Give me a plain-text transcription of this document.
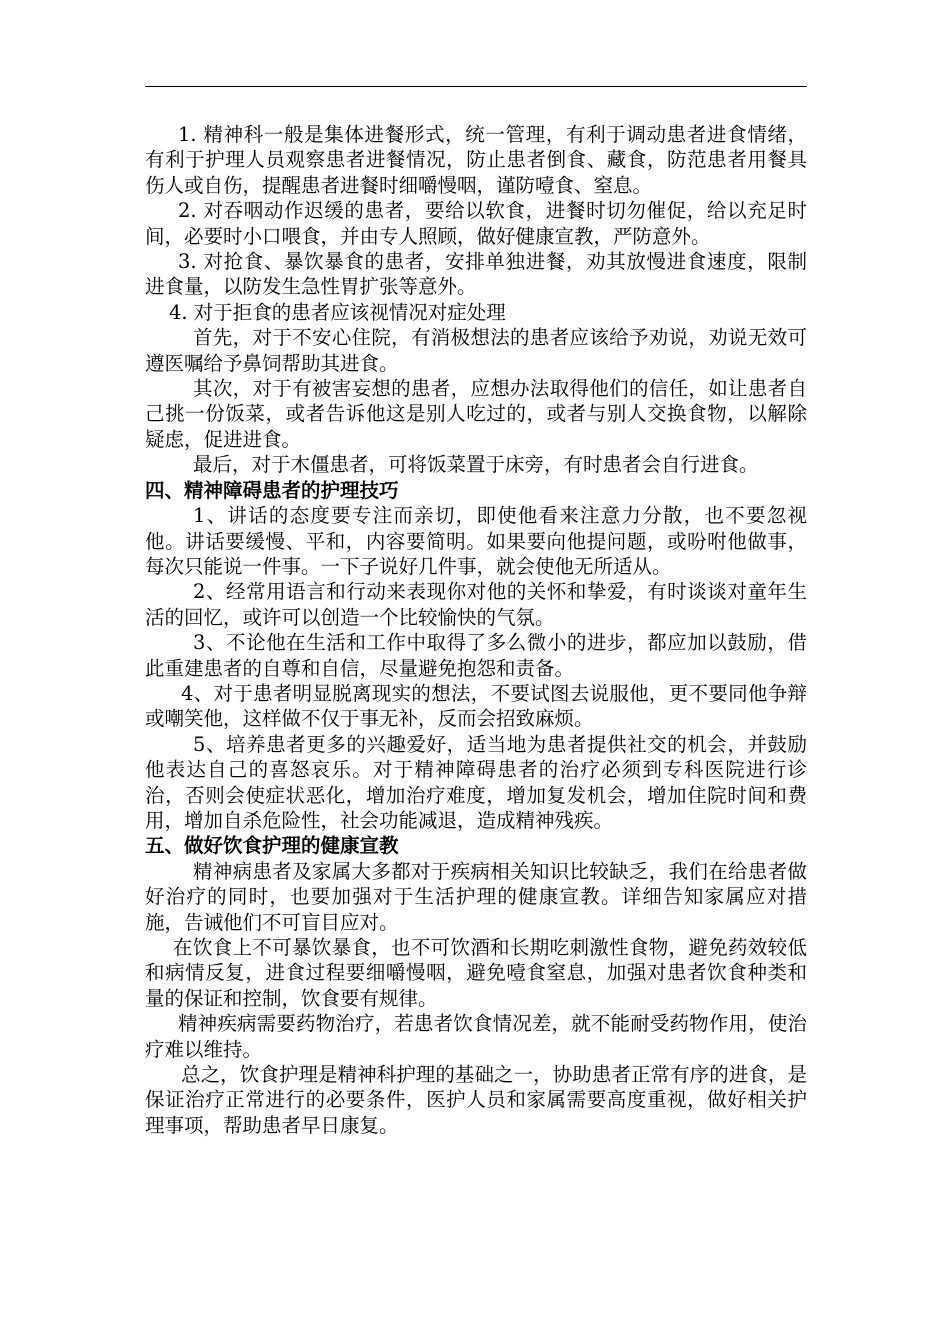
1. 精神科一般是集体进餐形式，统一管理，有利于调动患者进食情绪，有利于护理人员观察患者进餐情况，防止患者倒食、藏食，防范患者用餐具伤人或自伤，提醒患者进餐时细嚼慢咽，谨防噎食、窒息。

2. 对吞咽动作迟缓的患者，要给以软食，进餐时切勿催促，给以充足时间，必要时小口喂食，并由专人照顾，做好健康宣教，严防意外。

3. 对抢食、暴饮暴食的患者，安排单独进餐，劝其放慢进食速度，限制进食量，以防发生急性胃扩张等意外。

4. 对于拒食的患者应该视情况对症处理

首先，对于不安心住院，有消极想法的患者应该给予劝说，劝说无效可遵医嘱给予鼻饲帮助其进食。

其次，对于有被害妄想的患者，应想办法取得他们的信任，如让患者自己挑一份饭菜，或者告诉他这是别人吃过的，或者与别人交换食物，以解除疑虑，促进进食。

最后，对于木僵患者，可将饭菜置于床旁，有时患者会自行进食。

四、精神障碍患者的护理技巧

1、讲话的态度要专注而亲切，即使他看来注意力分散，也不要忽视他。讲话要缓慢、平和，内容要简明。如果要向他提问题，或吩咐他做事，每次只能说一件事。一下子说好几件事，就会使他无所适从。

2、经常用语言和行动来表现你对他的关怀和挚爱，有时谈谈对童年生活的回忆，或许可以创造一个比较愉快的气氛。

3、不论他在生活和工作中取得了多么微小的进步，都应加以鼓励，借此重建患者的自尊和自信，尽量避免抱怨和责备。

4、对于患者明显脱离现实的想法，不要试图去说服他，更不要同他争辩或嘲笑他，这样做不仅于事无补，反而会招致麻烦。

5、培养患者更多的兴趣爱好，适当地为患者提供社交的机会，并鼓励他表达自己的喜怒哀乐。对于精神障碍患者的治疗必须到专科医院进行诊治，否则会使症状恶化，增加治疗难度，增加复发机会，增加住院时间和费用，增加自杀危险性，社会功能减退，造成精神残疾。

五、做好饮食护理的健康宣教

精神病患者及家属大多都对于疾病相关知识比较缺乏，我们在给患者做好治疗的同时，也要加强对于生活护理的健康宣教。详细告知家属应对措施，告诫他们不可盲目应对。

在饮食上不可暴饮暴食，也不可饮酒和长期吃刺激性食物，避免药效较低和病情反复，进食过程要细嚼慢咽，避免噎食窒息，加强对患者饮食种类和量的保证和控制，饮食要有规律。

精神疾病需要药物治疗，若患者饮食情况差，就不能耐受药物作用，使治疗难以维持。

总之，饮食护理是精神科护理的基础之一，协助患者正常有序的进食，是保证治疗正常进行的必要条件，医护人员和家属需要高度重视，做好相关护理事项，帮助患者早日康复。
